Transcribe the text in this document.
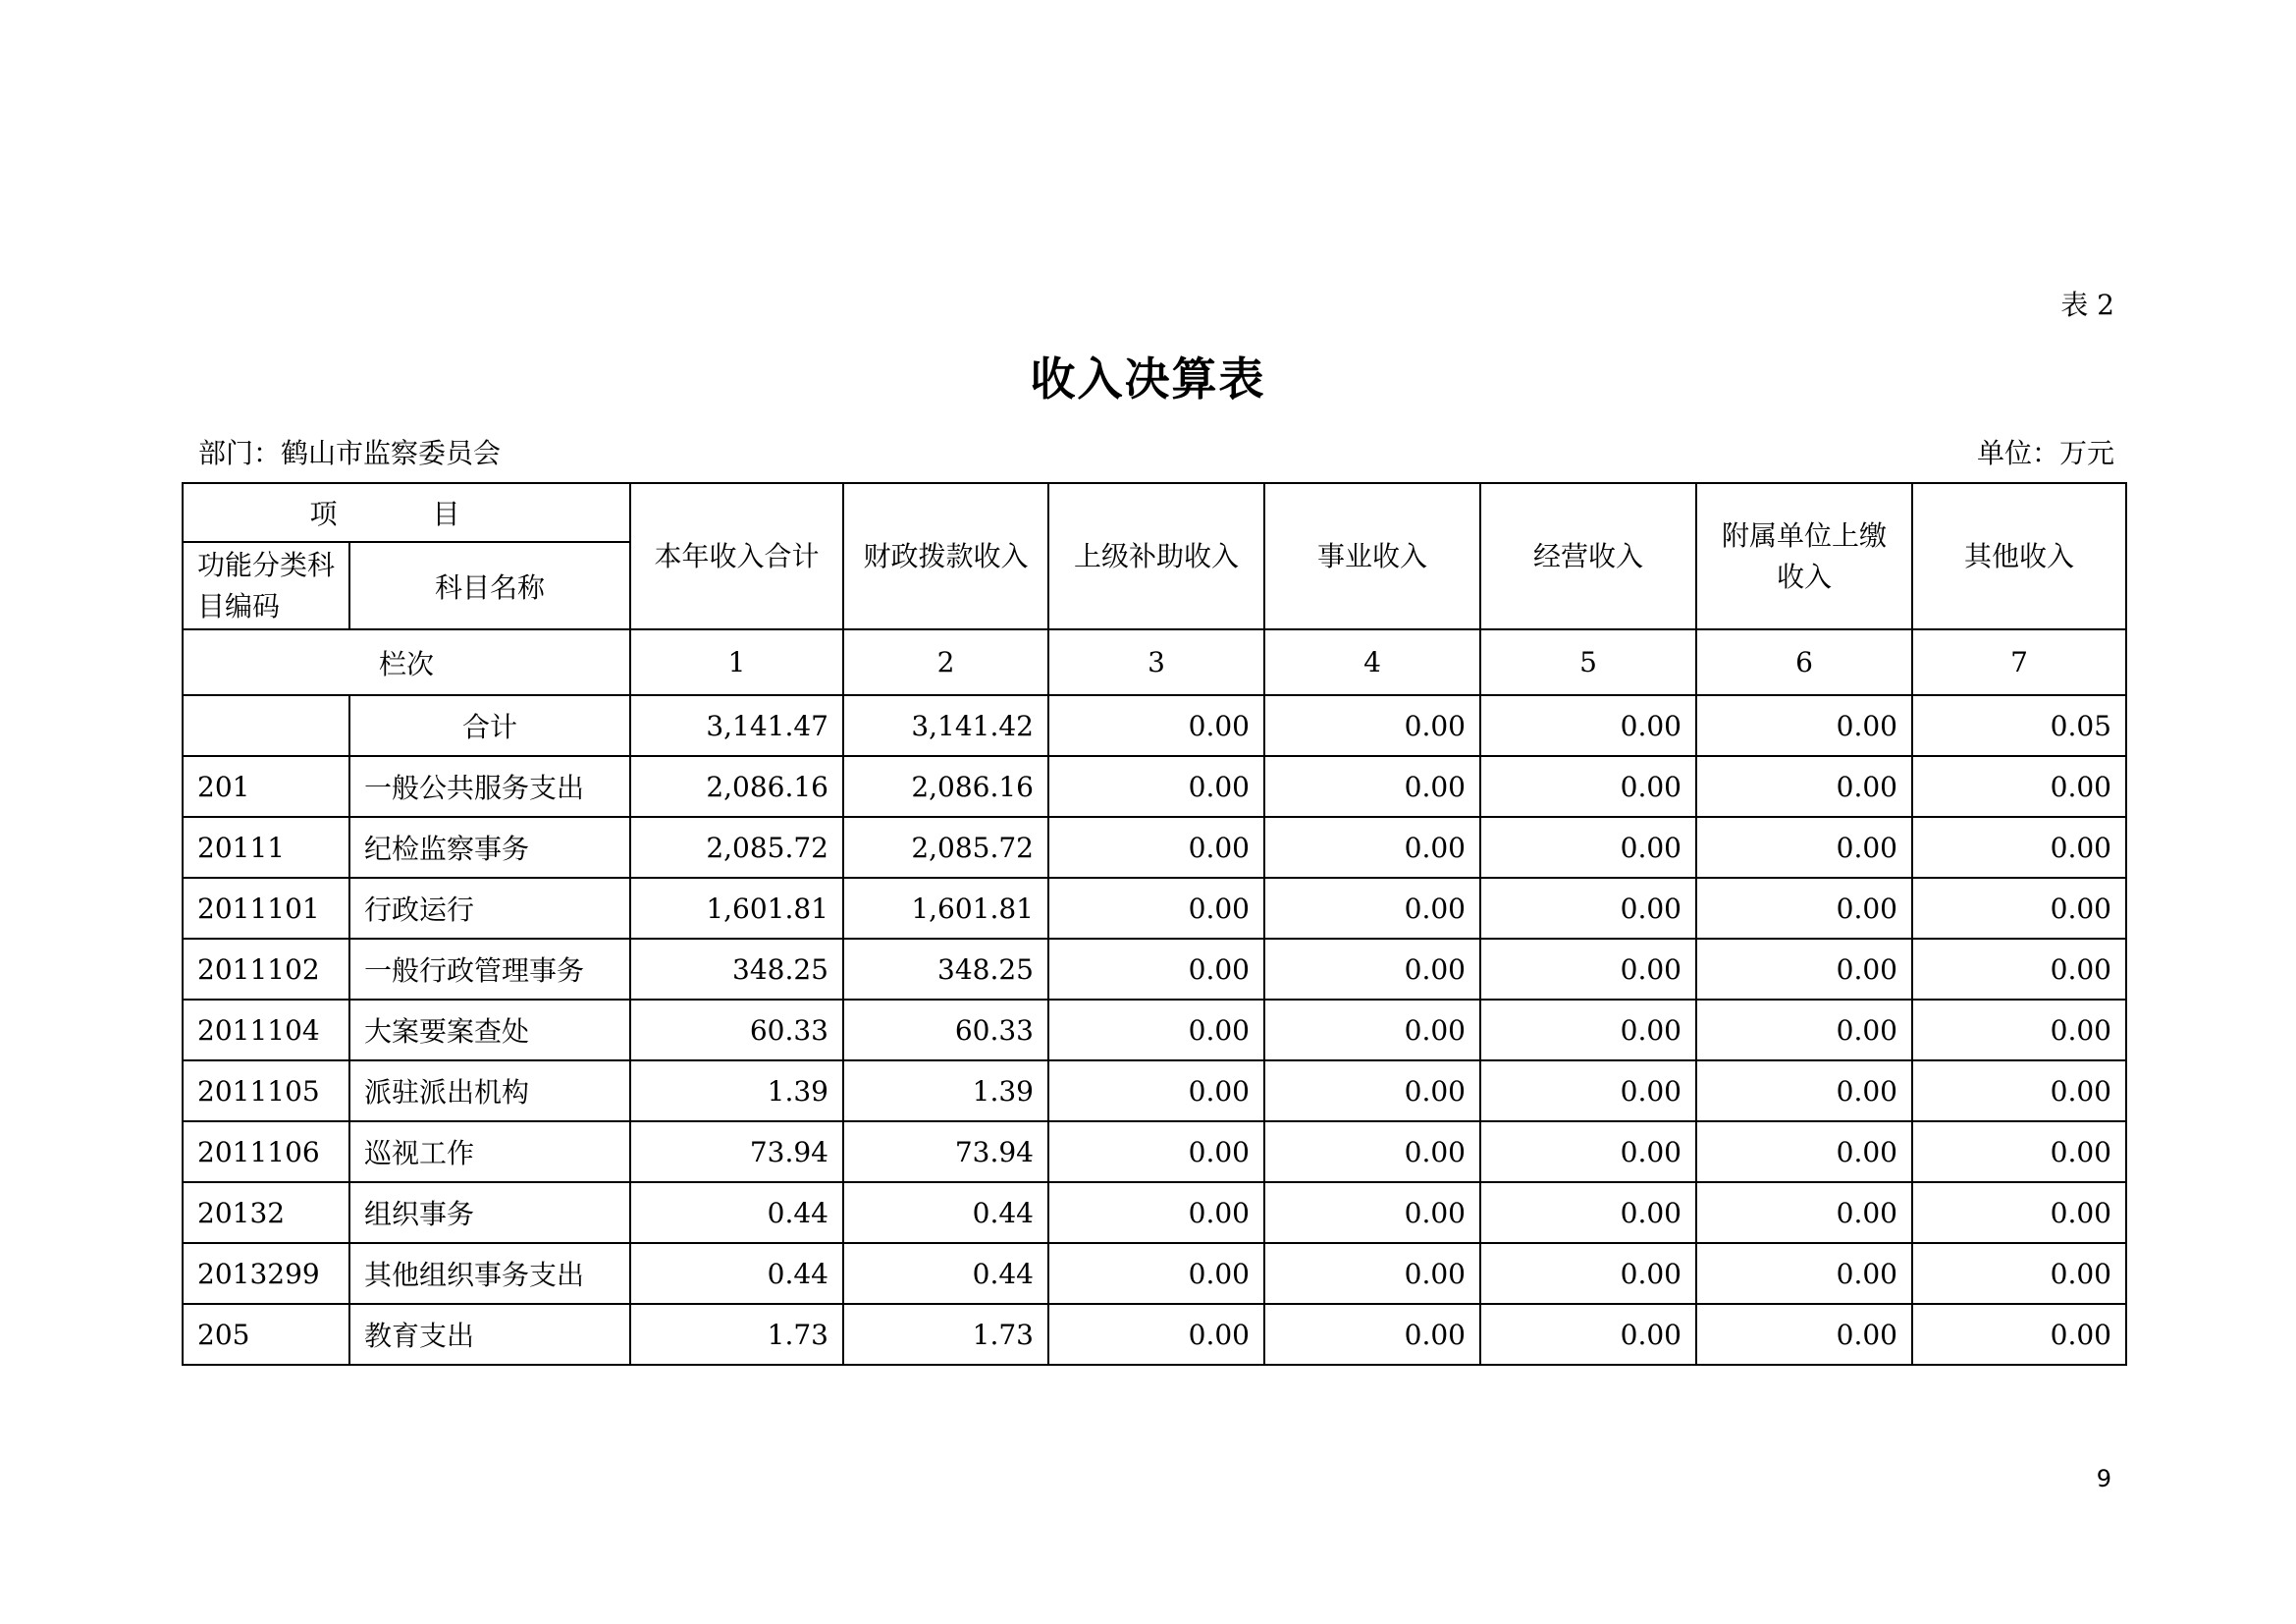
表 2
收入决算表
部门：鹤山市监察委员会	单位：万元
项 目		本年收入合计	财政拨款收入	上级补助收入	事业收入	经营收入	附属单位上缴收入	其他收入
功能分类科目编码	科目名称							
栏次		1	2	3	4	5	6	7
	合计	3,141.47	3,141.42	0.00	0.00	0.00	0.00	0.05
201	一般公共服务支出	2,086.16	2,086.16	0.00	0.00	0.00	0.00	0.00
20111	纪检监察事务	2,085.72	2,085.72	0.00	0.00	0.00	0.00	0.00
2011101	行政运行	1,601.81	1,601.81	0.00	0.00	0.00	0.00	0.00
2011102	一般行政管理事务	348.25	348.25	0.00	0.00	0.00	0.00	0.00
2011104	大案要案查处	60.33	60.33	0.00	0.00	0.00	0.00	0.00
2011105	派驻派出机构	1.39	1.39	0.00	0.00	0.00	0.00	0.00
2011106	巡视工作	73.94	73.94	0.00	0.00	0.00	0.00	0.00
20132	组织事务	0.44	0.44	0.00	0.00	0.00	0.00	0.00
2013299	其他组织事务支出	0.44	0.44	0.00	0.00	0.00	0.00	0.00
205	教育支出	1.73	1.73	0.00	0.00	0.00	0.00	0.00
9
